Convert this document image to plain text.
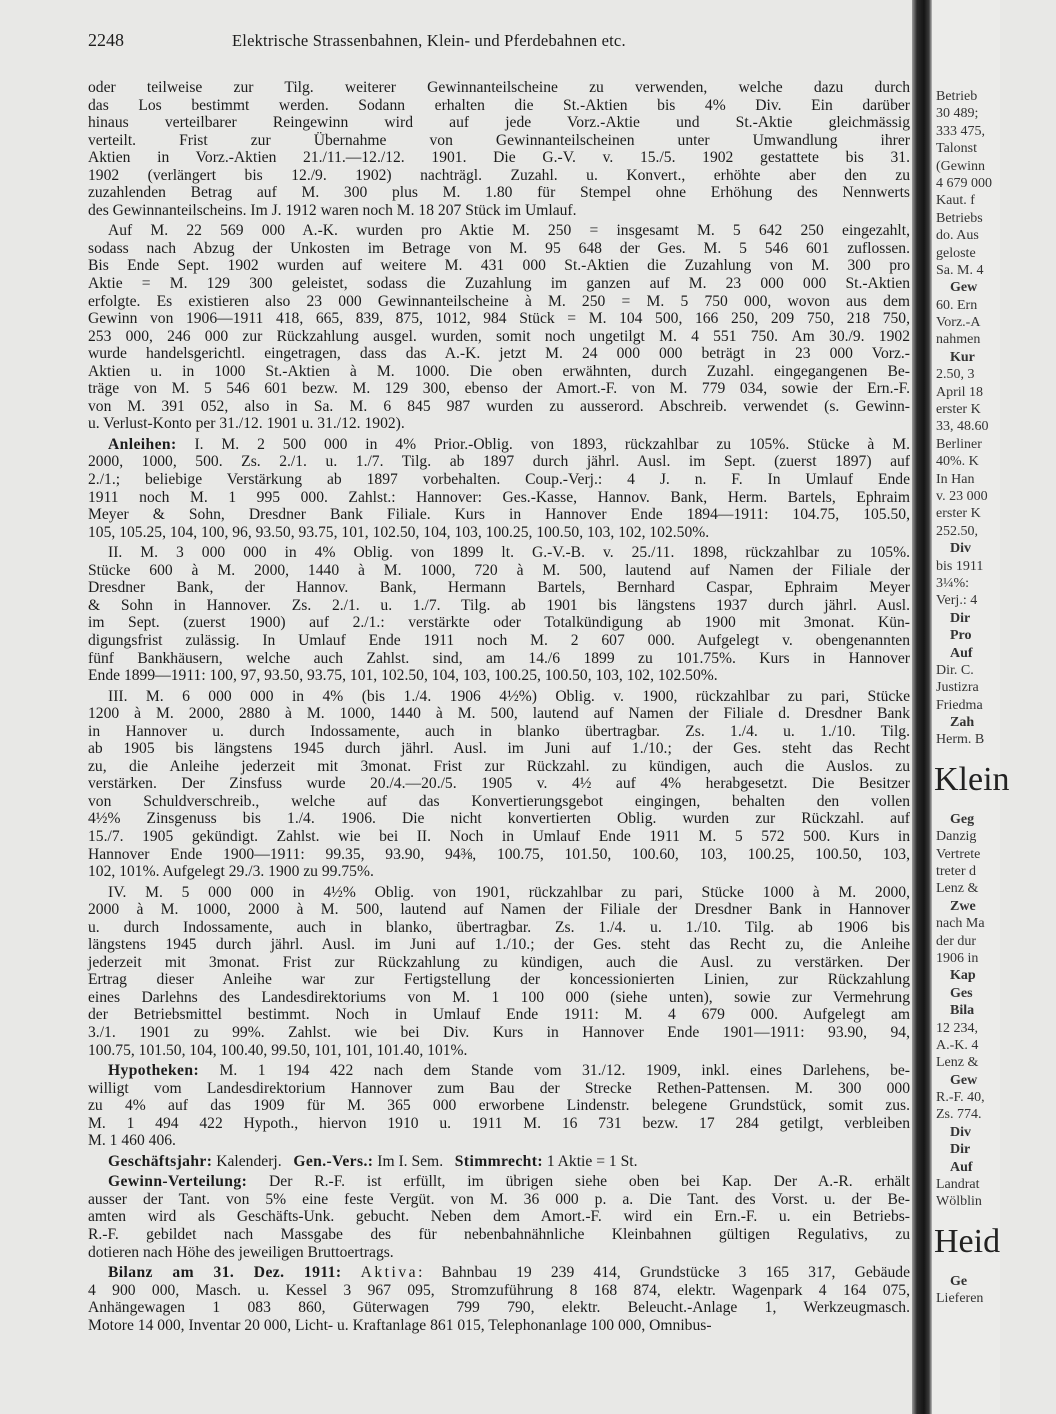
2248	Elektrische Strassenbahnen, Klein- und Pferdebahnen etc.
oder teilweise zur Tilg. weiterer Gewinnanteilscheine zu verwenden, welche dazu durch
das Los bestimmt werden. Sodann erhalten die St.-Aktien bis 4% Div. Ein darüber
hinaus verteilbarer Reingewinn wird auf jede Vorz.-Aktie und St.-Aktie gleichmässig
verteilt. Frist zur Übernahme von Gewinnanteilscheinen unter Umwandlung ihrer
Aktien in Vorz.-Aktien 21./11.—12./12. 1901. Die G.-V. v. 15./5. 1902 gestattete bis 31.
1902 (verlängert bis 12./9. 1902) nachträgl. Zuzahl. u. Konvert., erhöhte aber den zu
zuzahlenden Betrag auf M. 300 plus M. 1.80 für Stempel ohne Erhöhung des Nennwerts
des Gewinnanteilscheins. Im J. 1912 waren noch M. 18 207 Stück im Umlauf.
Auf M. 22 569 000 A.-K. wurden pro Aktie M. 250 = insgesamt M. 5 642 250 eingezahlt,
sodass nach Abzug der Unkosten im Betrage von M. 95 648 der Ges. M. 5 546 601 zuflossen.
Bis Ende Sept. 1902 wurden auf weitere M. 431 000 St.-Aktien die Zuzahlung von M. 300 pro
Aktie = M. 129 300 geleistet, sodass die Zuzahlung im ganzen auf M. 23 000 000 St.-Aktien
erfolgte. Es existieren also 23 000 Gewinnanteilscheine à M. 250 = M. 5 750 000, wovon aus dem
Gewinn von 1906—1911 418, 665, 839, 875, 1012, 984 Stück = M. 104 500, 166 250, 209 750, 218 750,
253 000, 246 000 zur Rückzahlung ausgel. wurden, somit noch ungetilgt M. 4 551 750. Am 30./9. 1902
wurde handelsgerichtl. eingetragen, dass das A.-K. jetzt M. 24 000 000 beträgt in 23 000 Vorz.-
Aktien u. in 1000 St.-Aktien à M. 1000. Die oben erwähnten, durch Zuzahl. eingegangenen Be-
träge von M. 5 546 601 bezw. M. 129 300, ebenso der Amort.-F. von M. 779 034, sowie der Ern.-F.
von M. 391 052, also in Sa. M. 6 845 987 wurden zu ausserord. Abschreib. verwendet (s. Gewinn-
u. Verlust-Konto per 31./12. 1901 u. 31./12. 1902).
Anleihen: I. M. 2 500 000 in 4% Prior.-Oblig. von 1893, rückzahlbar zu 105%. Stücke à M.
2000, 1000, 500. Zs. 2./1. u. 1./7. Tilg. ab 1897 durch jährl. Ausl. im Sept. (zuerst 1897) auf
2./1.; beliebige Verstärkung ab 1897 vorbehalten. Coup.-Verj.: 4 J. n. F. In Umlauf Ende
1911 noch M. 1 995 000. Zahlst.: Hannover: Ges.-Kasse, Hannov. Bank, Herm. Bartels, Ephraim
Meyer & Sohn, Dresdner Bank Filiale. Kurs in Hannover Ende 1894—1911: 104.75, 105.50,
105, 105.25, 104, 100, 96, 93.50, 93.75, 101, 102.50, 104, 103, 100.25, 100.50, 103, 102, 102.50%.
II. M. 3 000 000 in 4% Oblig. von 1899 lt. G.-V.-B. v. 25./11. 1898, rückzahlbar zu 105%.
Stücke 600 à M. 2000, 1440 à M. 1000, 720 à M. 500, lautend auf Namen der Filiale der
Dresdner Bank, der Hannov. Bank, Hermann Bartels, Bernhard Caspar, Ephraim Meyer
& Sohn in Hannover. Zs. 2./1. u. 1./7. Tilg. ab 1901 bis längstens 1937 durch jährl. Ausl.
im Sept. (zuerst 1900) auf 2./1.: verstärkte oder Totalkündigung ab 1900 mit 3monat. Kün-
digungsfrist zulässig. In Umlauf Ende 1911 noch M. 2 607 000. Aufgelegt v. obengenannten
fünf Bankhäusern, welche auch Zahlst. sind, am 14./6 1899 zu 101.75%. Kurs in Hannover
Ende 1899—1911: 100, 97, 93.50, 93.75, 101, 102.50, 104, 103, 100.25, 100.50, 103, 102, 102.50%.
III. M. 6 000 000 in 4% (bis 1./4. 1906 4½%) Oblig. v. 1900, rückzahlbar zu pari, Stücke
1200 à M. 2000, 2880 à M. 1000, 1440 à M. 500, lautend auf Namen der Filiale d. Dresdner Bank
in Hannover u. durch Indossamente, auch in blanko übertragbar. Zs. 1./4. u. 1./10. Tilg.
ab 1905 bis längstens 1945 durch jährl. Ausl. im Juni auf 1./10.; der Ges. steht das Recht
zu, die Anleihe jederzeit mit 3monat. Frist zur Rückzahl. zu kündigen, auch die Auslos. zu
verstärken. Der Zinsfuss wurde 20./4.—20./5. 1905 v. 4½ auf 4% herabgesetzt. Die Besitzer
von Schuldverschreib., welche auf das Konvertierungsgebot eingingen, behalten den vollen
4½% Zinsgenuss bis 1./4. 1906. Die nicht konvertierten Oblig. wurden zur Rückzahl. auf
15./7. 1905 gekündigt. Zahlst. wie bei II. Noch in Umlauf Ende 1911 M. 5 572 500. Kurs in
Hannover Ende 1900—1911: 99.35, 93.90, 94⅜, 100.75, 101.50, 100.60, 103, 100.25, 100.50, 103,
102, 101%. Aufgelegt 29./3. 1900 zu 99.75%.
IV. M. 5 000 000 in 4½% Oblig. von 1901, rückzahlbar zu pari, Stücke 1000 à M. 2000,
2000 à M. 1000, 2000 à M. 500, lautend auf Namen der Filiale der Dresdner Bank in Hannover
u. durch Indossamente, auch in blanko, übertragbar. Zs. 1./4. u. 1./10. Tilg. ab 1906 bis
längstens 1945 durch jährl. Ausl. im Juni auf 1./10.; der Ges. steht das Recht zu, die Anleihe
jederzeit mit 3monat. Frist zur Rückzahlung zu kündigen, auch die Ausl. zu verstärken. Der
Ertrag dieser Anleihe war zur Fertigstellung der koncessionierten Linien, zur Rückzahlung
eines Darlehns des Landesdirektoriums von M. 1 100 000 (siehe unten), sowie zur Vermehrung
der Betriebsmittel bestimmt. Noch in Umlauf Ende 1911: M. 4 679 000. Aufgelegt am
3./1. 1901 zu 99%. Zahlst. wie bei Div. Kurs in Hannover Ende 1901—1911: 93.90, 94,
100.75, 101.50, 104, 100.40, 99.50, 101, 101, 101.40, 101%.
Hypotheken: M. 1 194 422 nach dem Stande vom 31./12. 1909, inkl. eines Darlehens, be-
willigt vom Landesdirektorium Hannover zum Bau der Strecke Rethen-Pattensen. M. 300 000
zu 4% auf das 1909 für M. 365 000 erworbene Lindenstr. belegene Grundstück, somit zus.
M. 1 494 422 Hypoth., hiervon 1910 u. 1911 M. 16 731 bezw. 17 284 getilgt, verbleiben
M. 1 460 406.
Geschäftsjahr: Kalenderj.   Gen.-Vers.: Im I. Sem.   Stimmrecht: 1 Aktie = 1 St.
Gewinn-Verteilung: Der R.-F. ist erfüllt, im übrigen siehe oben bei Kap. Der A.-R. erhält
ausser der Tant. von 5% eine feste Vergüt. von M. 36 000 p. a. Die Tant. des Vorst. u. der Be-
amten wird als Geschäfts-Unk. gebucht. Neben dem Amort.-F. wird ein Ern.-F. u. ein Betriebs-
R.-F. gebildet nach Massgabe des für nebenbahnähnliche Kleinbahnen gültigen Regulativs, zu
dotieren nach Höhe des jeweiligen Bruttoertrags.
Bilanz am 31. Dez. 1911: Aktiva: Bahnbau 19 239 414, Grundstücke 3 165 317, Gebäude
4 900 000, Masch. u. Kessel 3 967 095, Stromzuführung 8 168 874, elektr. Wagenpark 4 164 075,
Anhängewagen 1 083 860, Güterwagen 799 790, elektr. Beleucht.-Anlage 1, Werkzeugmasch.
Motore 14 000, Inventar 20 000, Licht- u. Kraftanlage 861 015, Telephonanlage 100 000, Omnibus-
Betrieb
30 489;
333 475,
Talonst
(Gewinn
4 679 000
Kaut. f
Betriebs
do. Aus
geloste
Sa. M. 4
Gew
60. Ern
Vorz.-A
nahmen
Kur
2.50, 3
April 18
erster K
33, 48.60
Berliner
40%. K
In Han
v. 23 000
erster K
252.50,
Div
bis 1911
3¼%:
Verj.: 4
Dir
Pro
Auf
Dir. C.
Justizra
Friedma
Zah
Herm. B
Klein
Geg
Danzig
Vertrete
treter d
Lenz &
Zwe
nach Ma
der dur
1906 in
Kap
Ges
Bila
12 234,
A.-K. 4
Lenz &
Gew
R.-F. 40,
Zs. 774.
Div
Dir
Auf
Landrat
Wölblin
Heid
Ge
Lieferen
